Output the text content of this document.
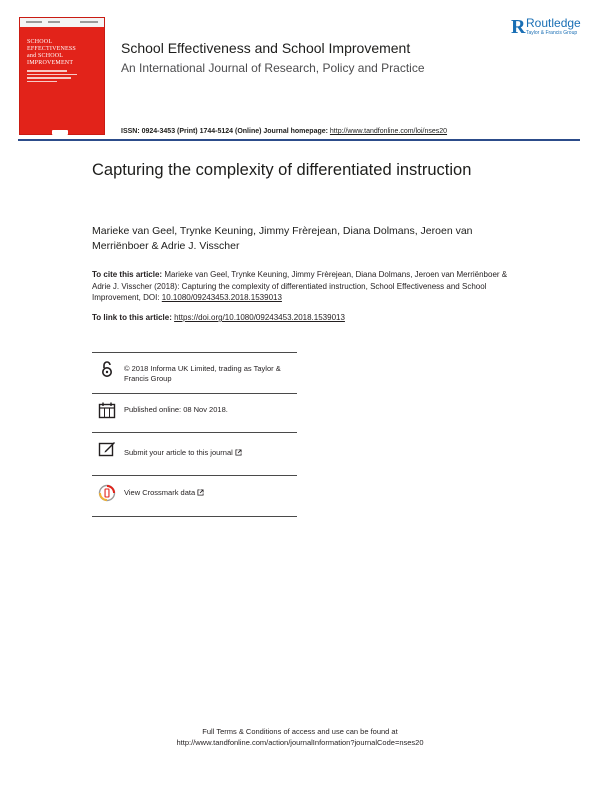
SCHOOL
EFFECTIVENESS
and SCHOOL
IMPROVEMENT
R Routledge
Taylor & Francis Group
School Effectiveness and School Improvement
An International Journal of Research, Policy and Practice
ISSN: 0924-3453 (Print) 1744-5124 (Online) Journal homepage: http://www.tandfonline.com/loi/nses20
Capturing the complexity of differentiated instruction
Marieke van Geel, Trynke Keuning, Jimmy Frèrejean, Diana Dolmans, Jeroen van Merriënboer & Adrie J. Visscher
To cite this article: Marieke van Geel, Trynke Keuning, Jimmy Frèrejean, Diana Dolmans, Jeroen van Merriënboer & Adrie J. Visscher (2018): Capturing the complexity of differentiated instruction, School Effectiveness and School Improvement, DOI: 10.1080/09243453.2018.1539013
To link to this article: https://doi.org/10.1080/09243453.2018.1539013
© 2018 Informa UK Limited, trading as Taylor & Francis Group
Published online: 08 Nov 2018.
Submit your article to this journal
View Crossmark data
Full Terms & Conditions of access and use can be found at
http://www.tandfonline.com/action/journalInformation?journalCode=nses20
